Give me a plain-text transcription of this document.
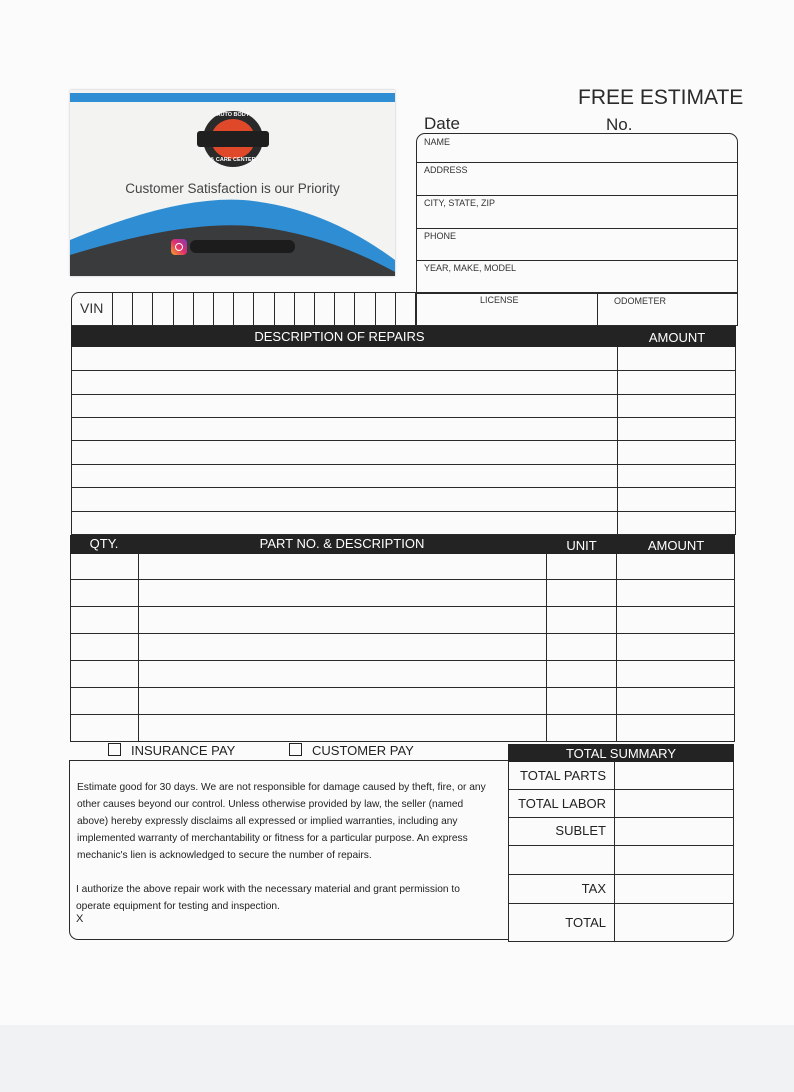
AUTO BODY
& CARE CENTER
Customer Satisfaction is our Priority
FREE ESTIMATE
Date	No.
NAME
ADDRESS
CITY, STATE, ZIP
PHONE
YEAR, MAKE, MODEL
VIN	LICENSE	ODOMETER
DESCRIPTION OF REPAIRS	AMOUNT
QTY.	PART NO. & DESCRIPTION	UNIT	AMOUNT
INSURANCE PAY	CUSTOMER PAY
Estimate good for 30 days. We are not responsible for damage caused by theft, fire, or any other causes beyond our control. Unless otherwise provided by law, the seller (named above) hereby expressly disclaims all expressed or implied warranties, including any implemented warranty of merchantability or fitness for a particular purpose. An express mechanic's lien is acknowledged to secure the number of repairs.
I authorize the above repair work with the necessary material and grant permission to operate equipment for testing and inspection.
X
TOTAL SUMMARY
TOTAL PARTS
TOTAL LABOR
SUBLET
TAX
TOTAL
